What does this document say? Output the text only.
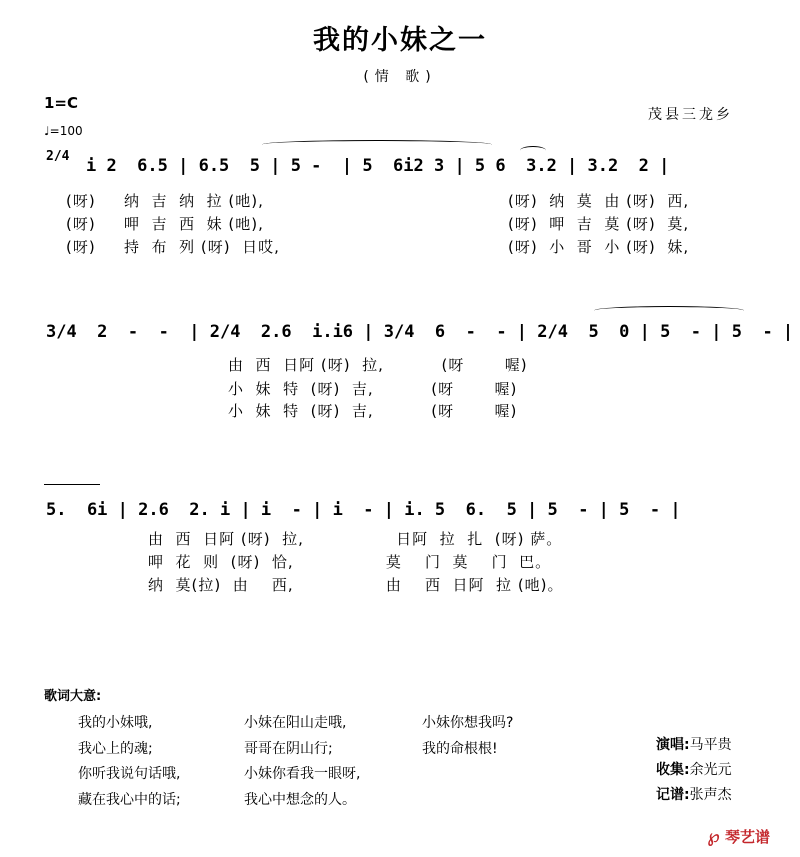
我的小妹之一
(情 歌)
1=C
♩=100
茂县三龙乡
2/4 i 2  6.5 | 6.5  5 | 5 -  | 5  6i2 3 | 5 6  3.2 | 3.2  2 |
(呀) 纳  吉  纳  拉 (吔),	(呀)  纳  莫  由 (呀)  西,
(呀) 呷  吉  西  妹 (吔),	(呀)  呷  吉  莫 (呀)  莫,
(呀) 持  布  列 (呀)  日哎,	(呀)  小  哥  小 (呀)  妹,
3/4  2  -  -  | 2/4  2.6  i.i6 | 3/4  6  -  - | 2/4  5  0 | 5  - | 5  - |
由  西  日阿 (呀)  拉,          (呀       喔)
小  妹  特  (呀)  吉,          (呀       喔)
小  妹  特  (呀)  吉,          (呀       喔)
5.  6i | 2.6  2. i | i  - | i  - | i. 5  6.  5 | 5  - | 5  - |
由  西  日阿 (呀)  拉,                日阿  拉  扎  (呀) 萨。
呷  花  则  (呀)  恰,                莫    门  莫    门  巴。
纳  莫(拉)  由    西,                由    西  日阿  拉 (吔)。
歌词大意:
我的小妹哦,
我心上的魂;
你听我说句话哦,
藏在我心中的话;
小妹在阳山走哦,
哥哥在阴山行;
小妹你看我一眼呀,
我心中想念的人。
小妹你想我吗?
我的命根根!	演唱:马平贵
收集:余光元
记谱:张声杰
℘ 琴艺谱
